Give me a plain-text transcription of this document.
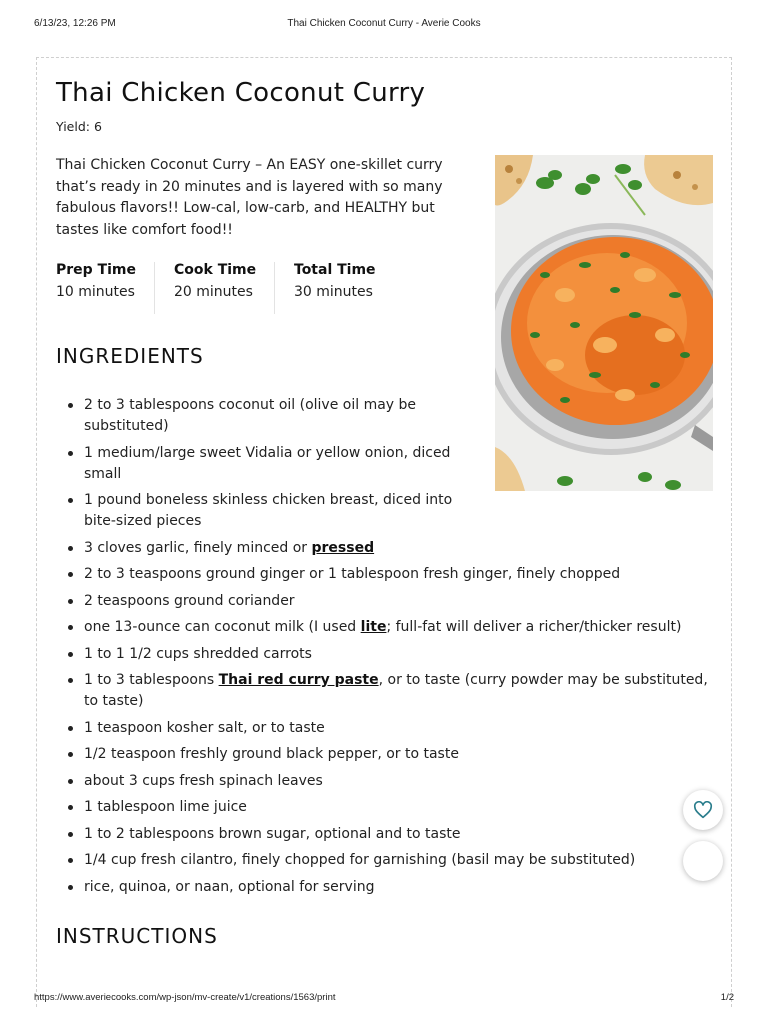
6/13/23, 12:26 PM	Thai Chicken Coconut Curry - Averie Cooks
Thai Chicken Coconut Curry
Yield: 6

Thai Chicken Coconut Curry – An EASY one-skillet curry that’s ready in 20 minutes and is layered with so many fabulous flavors!! Low-cal, low-carb, and HEALTHY but tastes like comfort food!!

Prep Time
10 minutes
Cook Time
20 minutes
Total Time
30 minutes
INGREDIENTS
2 to 3 tablespoons coconut oil (olive oil may be substituted)
1 medium/large sweet Vidalia or yellow onion, diced small
1 pound boneless skinless chicken breast, diced into bite-sized pieces
3 cloves garlic, finely minced or pressed
2 to 3 teaspoons ground ginger or 1 tablespoon fresh ginger, finely chopped
2 teaspoons ground coriander
one 13-ounce can coconut milk (I used lite; full-fat will deliver a richer/thicker result)
1 to 1 1/2 cups shredded carrots
1 to 3 tablespoons Thai red curry paste, or to taste (curry powder may be substituted, to taste)
1 teaspoon kosher salt, or to taste
1/2 teaspoon freshly ground black pepper, or to taste
about 3 cups fresh spinach leaves
1 tablespoon lime juice
1 to 2 tablespoons brown sugar, optional and to taste
1/4 cup fresh cilantro, finely chopped for garnishing (basil may be substituted)
rice, quinoa, or naan, optional for serving
INSTRUCTIONS
https://www.averiecooks.com/wp-json/mv-create/v1/creations/1563/print	1/2
